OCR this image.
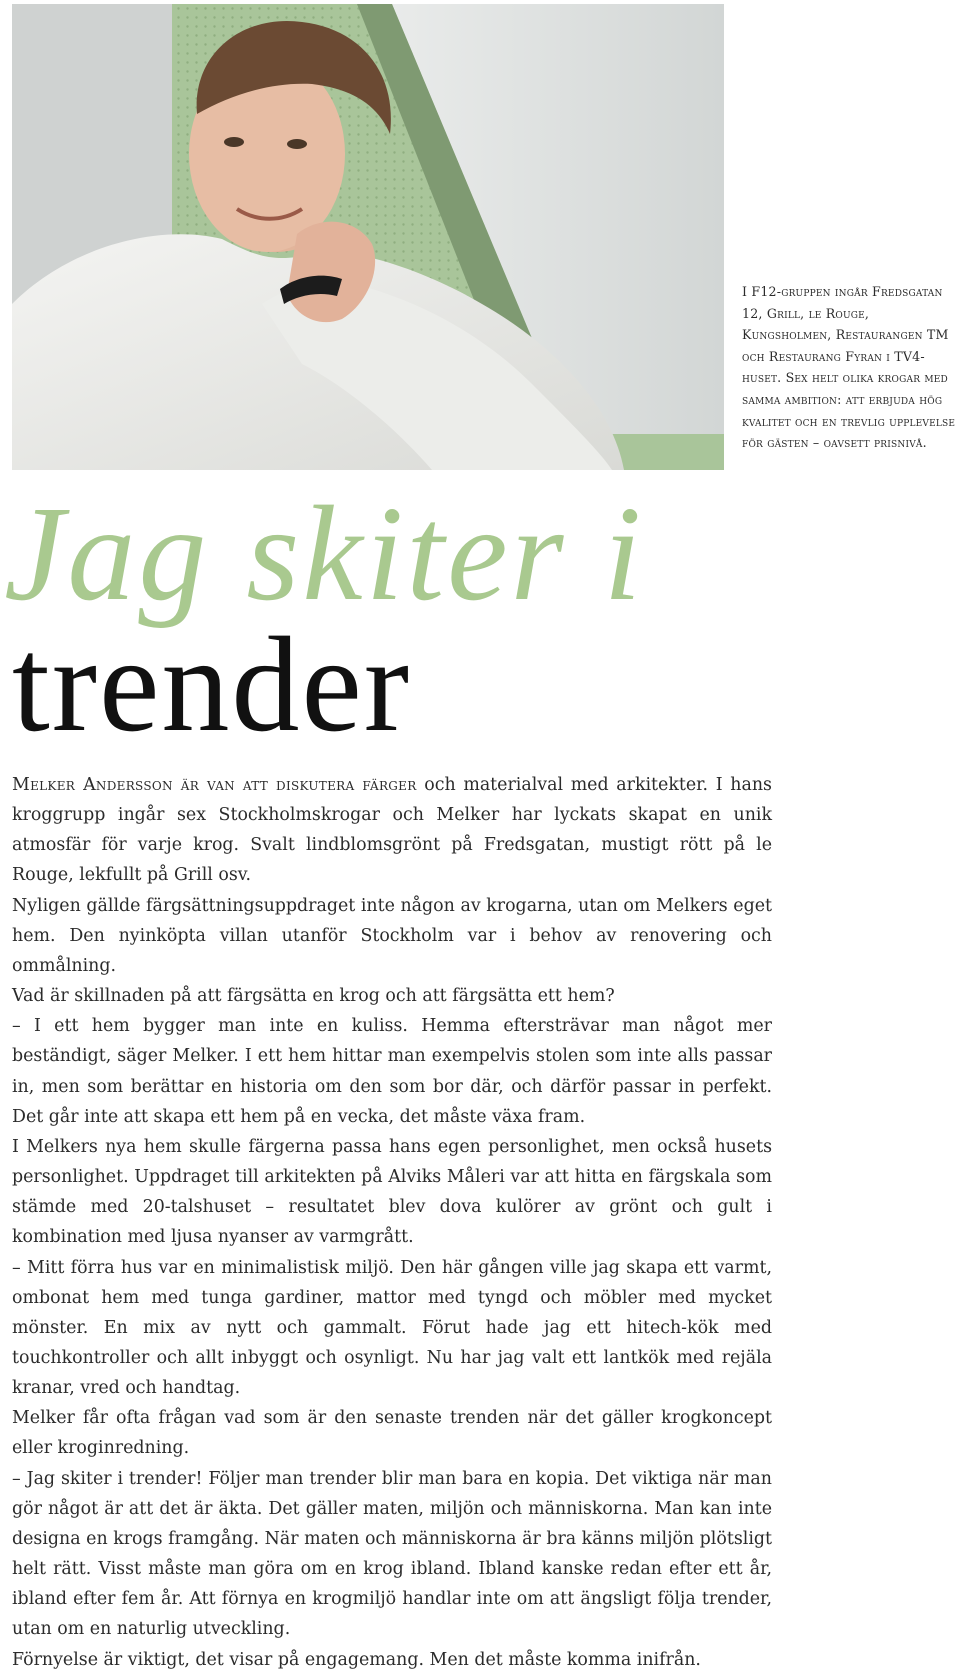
I F12-gruppen ingår Fredsgatan 12, Grill, le Rouge, Kungsholmen, Restaurangen TM och Restaurang Fyran i TV4-huset. Sex helt olika krogar med samma ambition: att erbjuda hög kvalitet och en trevlig upplevelse för gästen – oavsett prisnivå.
Jag skiter i
trender

Melker Andersson är van att diskutera färger och materialval med arkitekter. I hans kroggrupp ingår sex Stockholmskrogar och Melker har lyckats skapat en unik atmosfär för varje krog. Svalt lindblomsgrönt på Fredsgatan, mustigt rött på le Rouge, lekfullt på Grill osv.

Nyligen gällde färgsättningsuppdraget inte någon av krogarna, utan om Melkers eget hem. Den nyinköpta villan utanför Stockholm var i behov av renovering och ommålning.

Vad är skillnaden på att färgsätta en krog och att färgsätta ett hem?

– I ett hem bygger man inte en kuliss. Hemma eftersträvar man något mer beständigt, säger Melker. I ett hem hittar man exempelvis stolen som inte alls passar in, men som berättar en historia om den som bor där, och därför passar in perfekt. Det går inte att skapa ett hem på en vecka, det måste växa fram.

I Melkers nya hem skulle färgerna passa hans egen personlighet, men också husets personlighet. Uppdraget till arkitekten på Alviks Måleri var att hitta en färgskala som stämde med 20-talshuset – resultatet blev dova kulörer av grönt och gult i kombination med ljusa nyanser av varmgrått.

– Mitt förra hus var en minimalistisk miljö. Den här gången ville jag skapa ett varmt, ombonat hem med tunga gardiner, mattor med tyngd och möbler med mycket mönster. En mix av nytt och gammalt. Förut hade jag ett hitech-kök med touchkontroller och allt inbyggt och osynligt. Nu har jag valt ett lantkök med rejäla kranar, vred och handtag.

Melker får ofta frågan vad som är den senaste trenden när det gäller krogkoncept eller kroginredning.

– Jag skiter i trender! Följer man trender blir man bara en kopia. Det viktiga när man gör något är att det är äkta. Det gäller maten, miljön och människorna. Man kan inte designa en krogs framgång. När maten och människorna är bra känns miljön plötsligt helt rätt. Visst måste man göra om en krog ibland. Ibland kanske redan efter ett år, ibland efter fem år. Att förnya en krogmiljö handlar inte om att ängsligt följa trender, utan om en naturlig utveckling.

Förnyelse är viktigt, det visar på engagemang. Men det måste komma inifrån.
